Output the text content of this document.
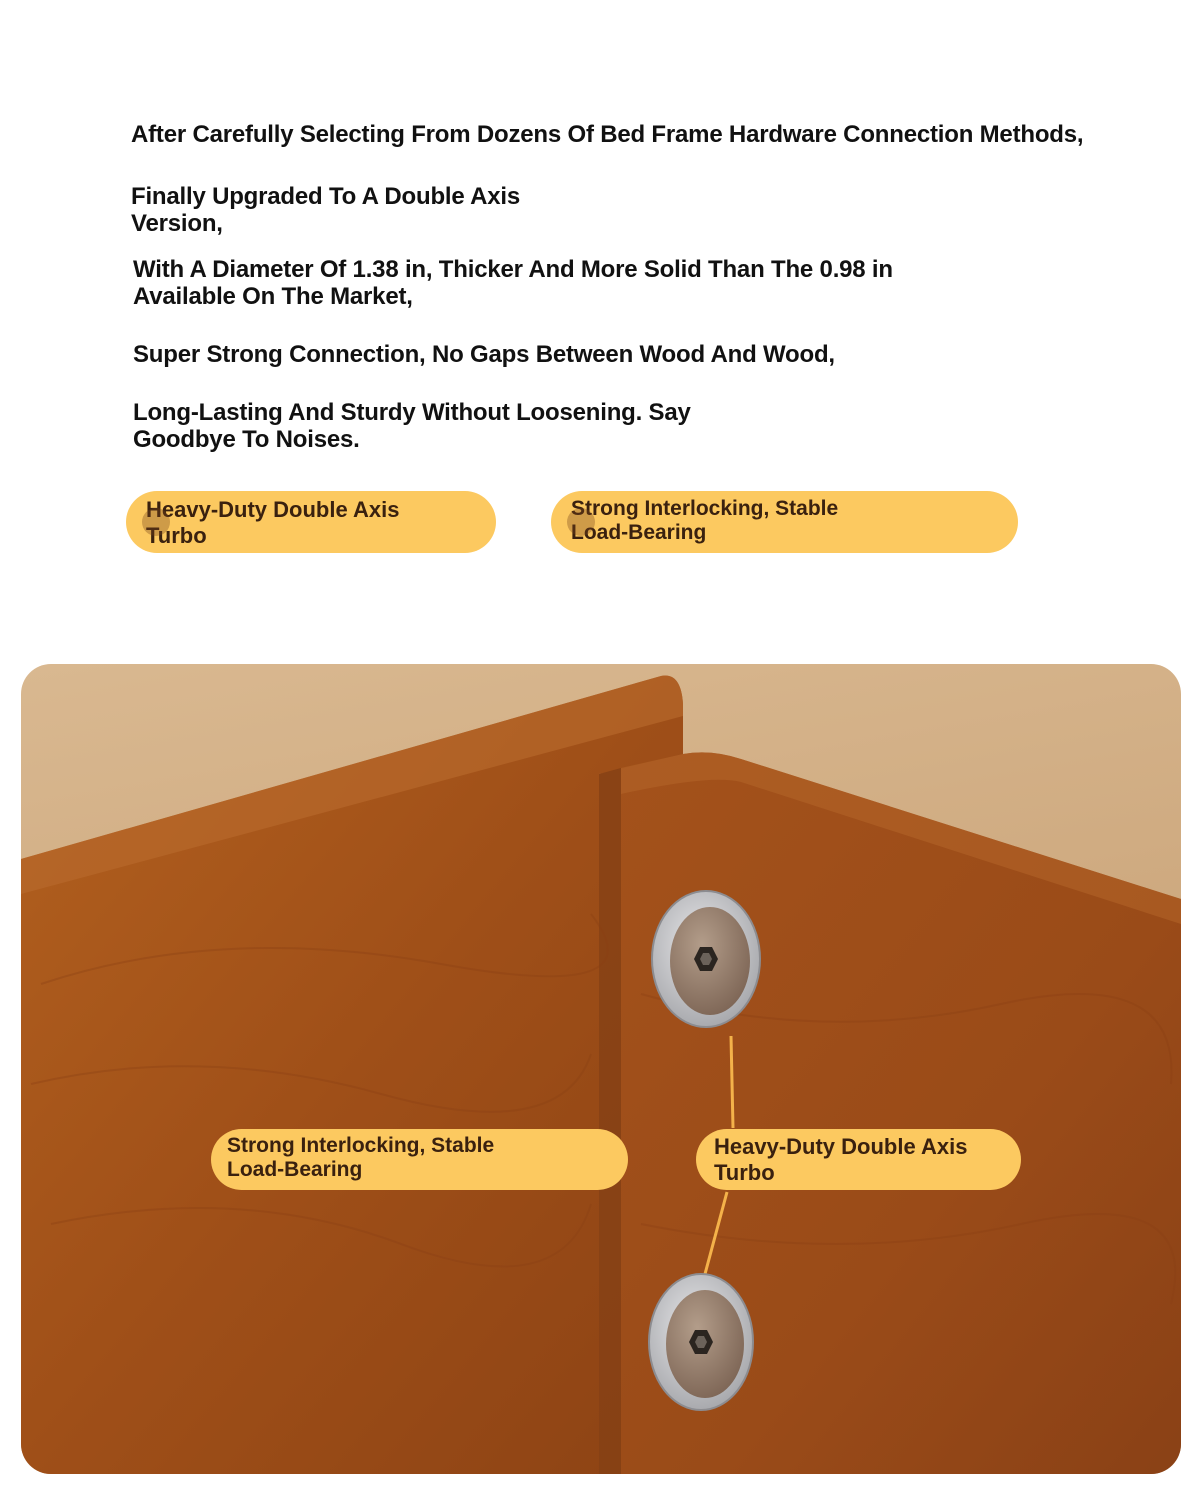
After Carefully Selecting From Dozens Of Bed Frame Hardware Connection Methods,

Finally Upgraded To A Double Axis
Version,

With A Diameter Of 1.38 in, Thicker And More Solid Than The 0.98 in
Available On The Market,

Super Strong Connection, No Gaps Between Wood And Wood,

Long-Lasting And Sturdy Without Loosening. Say
Goodbye To Noises.

Heavy-Duty Double Axis
Turbo
Strong Interlocking, Stable
Load-Bearing
Strong Interlocking, Stable
Load-Bearing
Heavy-Duty Double Axis
Turbo
